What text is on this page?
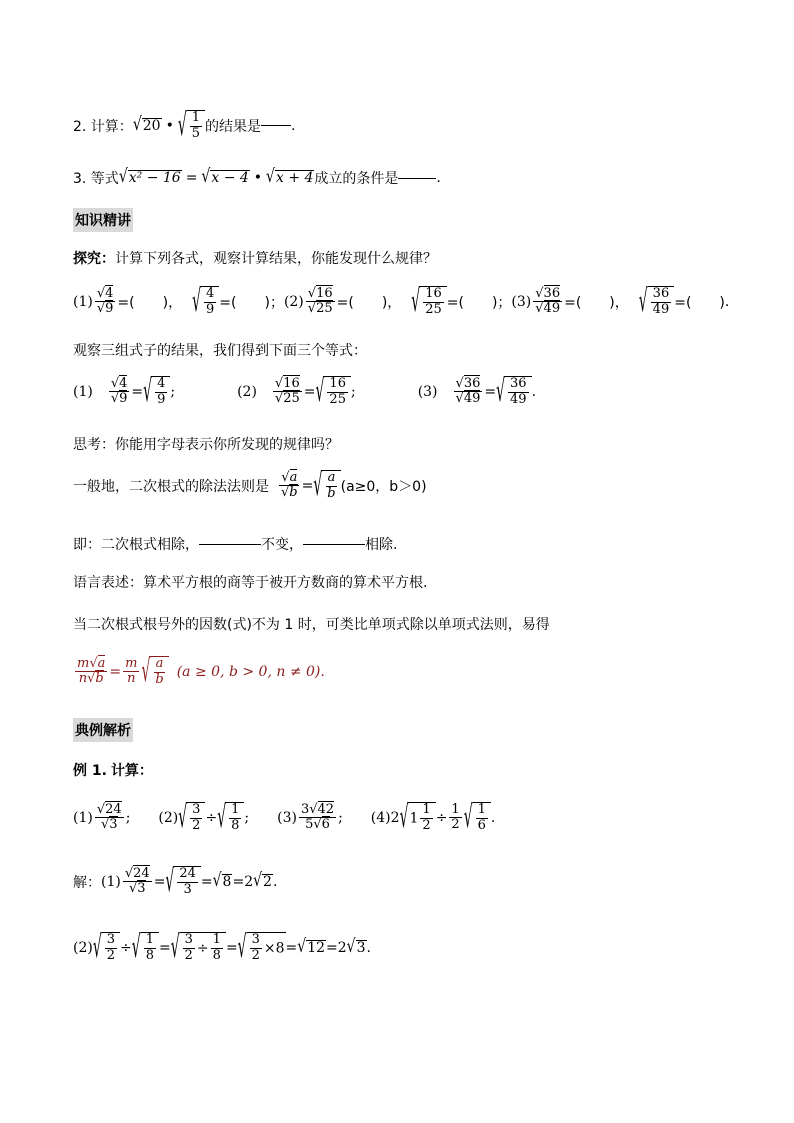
2. 计算： √ 20 • √ $\frac{1}{5}$ 的结果是 .
3. 等式 √ x² − 16 = √ x − 4 • √ x + 4 成立的条件是	.
知识精讲
探究： 计算下列各式，观察计算结果，你能发现什么规律？
$(1) \frac{√4}{√9}$ =(　　) ， √ $\frac{4}{9}$ =(　　) ； $(2) \frac{√16}{√25}$ =(　　) ， √ $\frac{16}{25}$ =(　　) ； $(3) \frac{√36}{√49}$ =(　　) ， √ $\frac{36}{49}$ =(　　) .
观察三组式子的结果，我们得到下面三个等式：
$(1) \frac{√4}{√9}$ = √ $\frac{4}{9}$ ;	$(2) \frac{√16}{√25}$ = √ $\frac{16}{25}$ ;	$(3) \frac{√36}{√49}$ = √ $\frac{36}{49}$ .
思考：你能用字母表示你所发现的规律吗？
一般地，二次根式的除法法则是 $\frac{√a}{√b}$ = √ $\frac{a}{b} (a\ge 0$，b＞0)
即：二次根式相除，	不变，	相除.
语言表述：算术平方根的商等于被开方数商的算术平方根.
当二次根式根号外的因数(式)不为 1 时，可类比单项式除以单项式法则，易得
$\frac{m√a}{n√b} = \frac{m}{n}$ √ $\frac{a}{b} (a \ge 0$, b > 0, n ≠ 0).
典例解析
例 1. 计算：
$(1) \frac{√24}{√3}$ ; (2) √ $\frac{3}{2}$ ÷ √ $\frac{1}{8}$ ; $(3) \frac{3√42}{5√6}$ ; (4) 2 √ $1 \frac{1}{2} \div \frac{1}{2}$ √ $\frac{1}{6}$ .
解： $(1) \frac{√24}{√3}$ = √ $\frac{24}{3}$ = √ 8 = 2 √ 2 .
(2) √ $\frac{3}{2}$ ÷ √ $\frac{1}{8}$ = √ $\frac{3}{2} \div \frac{1}{8}$ = √ $\frac{3}{2} \times 8$ = √ 12 = 2 √ 3 .
